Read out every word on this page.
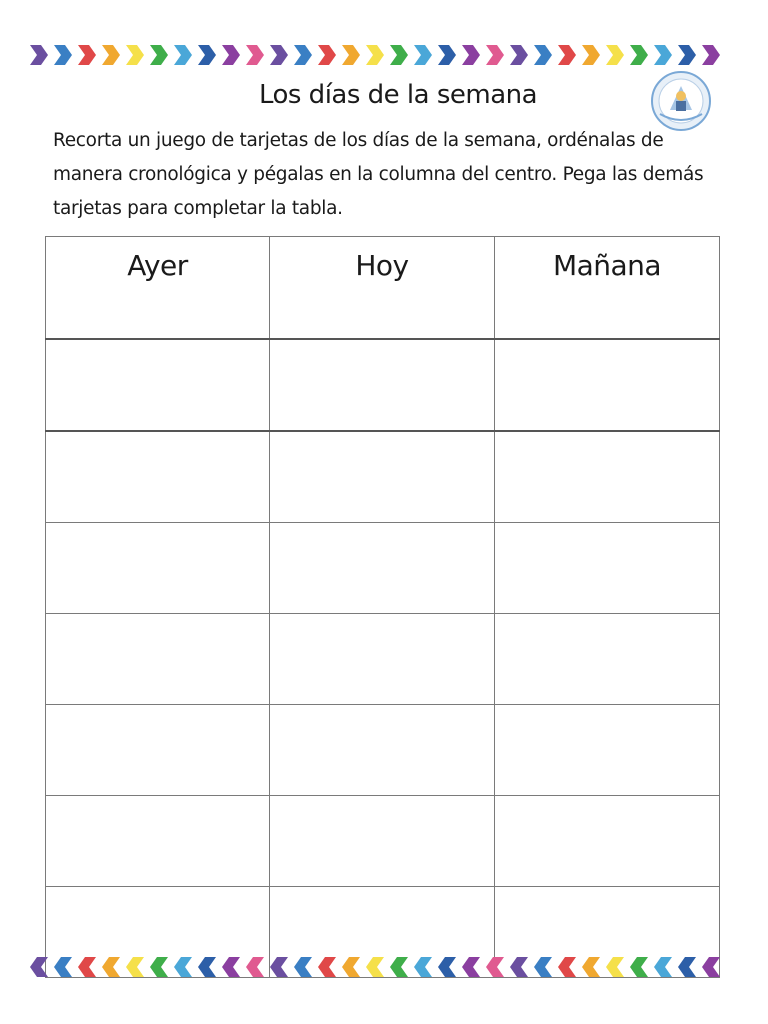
Los días de la semana

Recorta un juego de tarjetas de los días de la semana, ordénalas de manera cronológica y pégalas en la columna del centro. Pega las demás tarjetas para completar la tabla.

Ayer	Hoy	Mañana
